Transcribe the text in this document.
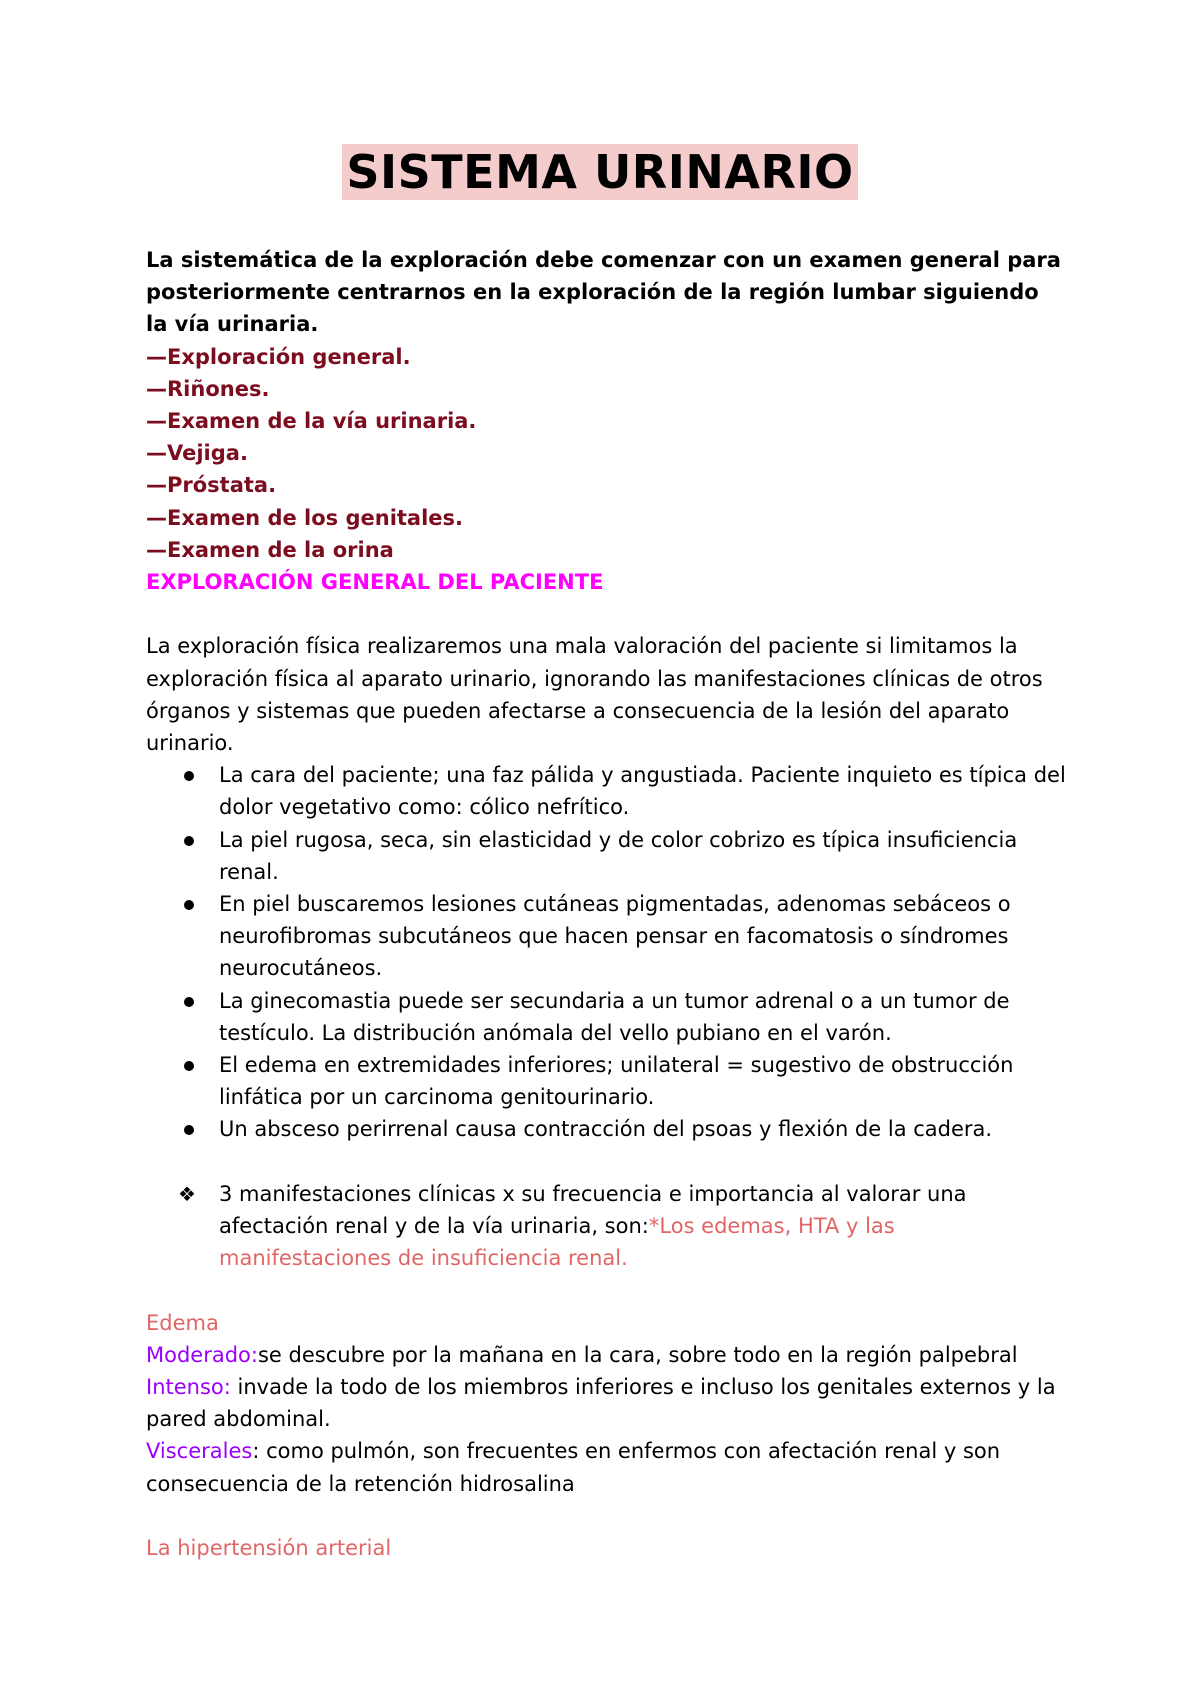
SISTEMA URINARIO

La sistemática de la exploración debe comenzar con un examen general para posteriormente centrarnos en la exploración de la región lumbar siguiendo la vía urinaria.

—Exploración general.
—Riñones.
—Examen de la vía urinaria.
—Vejiga.
—Próstata.
—Examen de los genitales.
—Examen de la orina

EXPLORACIÓN GENERAL DEL PACIENTE

La exploración física realizaremos una mala valoración del paciente si limitamos la exploración física al aparato urinario, ignorando las manifestaciones clínicas de otros órganos y sistemas que pueden afectarse a consecuencia de la lesión del aparato urinario.

La cara del paciente; una faz pálida y angustiada. Paciente inquieto es típica del dolor vegetativo como: cólico nefrítico.
La piel rugosa, seca, sin elasticidad y de color cobrizo es típica insuficiencia renal.
En piel buscaremos lesiones cutáneas pigmentadas, adenomas sebáceos o neurofibromas subcutáneos que hacen pensar en facomatosis o síndromes neurocutáneos.
La ginecomastia puede ser secundaria a un tumor adrenal o a un tumor de testículo. La distribución anómala del vello pubiano en el varón.
El edema en extremidades inferiores; unilateral = sugestivo de obstrucción linfática por un carcinoma genitourinario.
Un absceso perirrenal causa contracción del psoas y flexión de la cadera.
❖ 3 manifestaciones clínicas x su frecuencia e importancia al valorar una afectación renal y de la vía urinaria, son:*Los edemas, HTA y las manifestaciones de insuficiencia renal.

Edema

Moderado:se descubre por la mañana en la cara, sobre todo en la región palpebral

Intenso: invade la todo de los miembros inferiores e incluso los genitales externos y la pared abdominal.

Viscerales: como pulmón, son frecuentes en enfermos con afectación renal y son consecuencia de la retención hidrosalina

La hipertensión arterial
